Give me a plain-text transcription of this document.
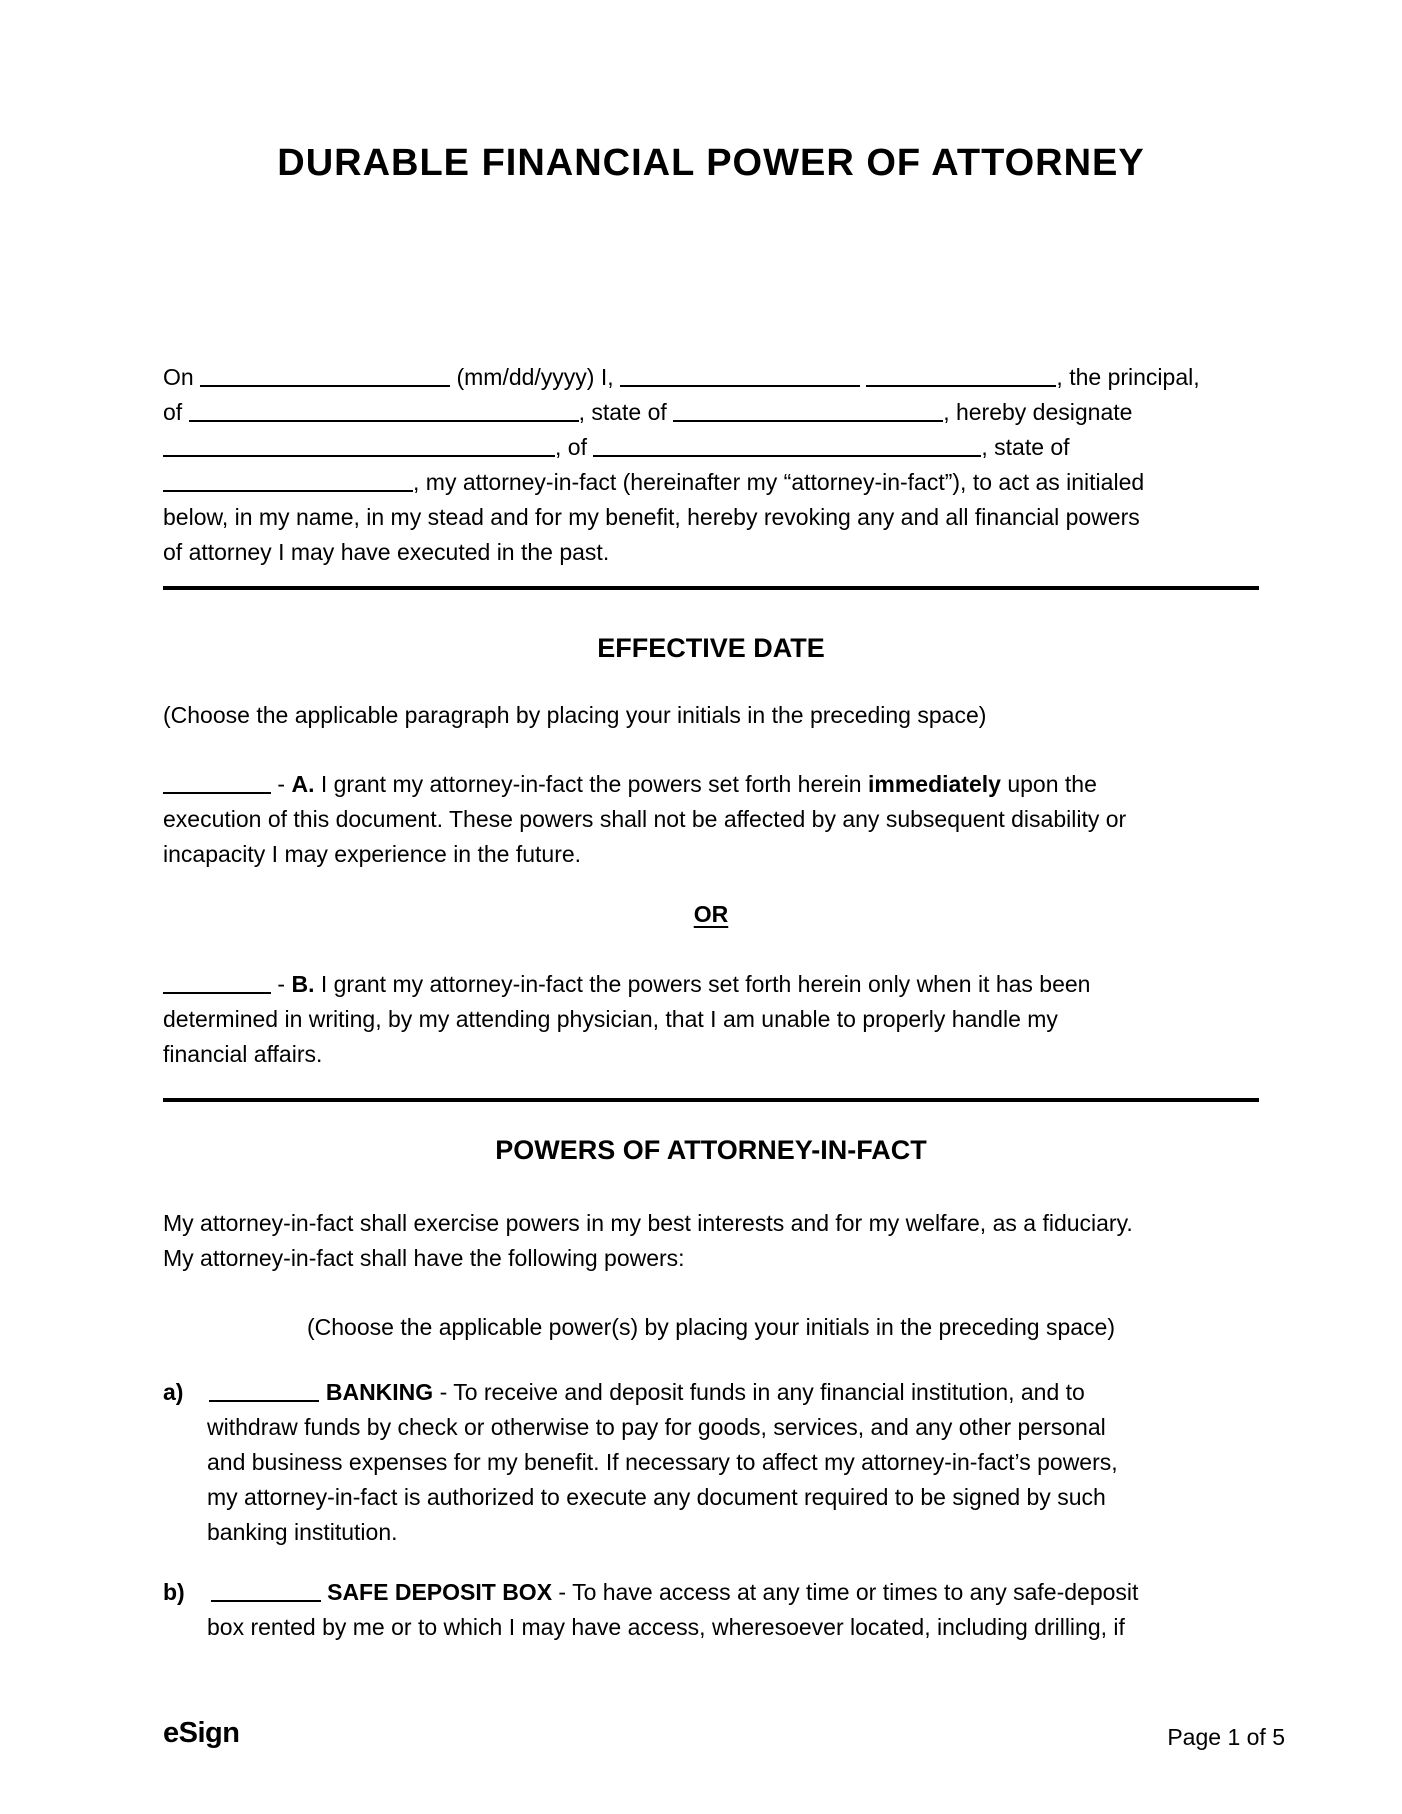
DURABLE FINANCIAL POWER OF ATTORNEY
On	(mm/dd/yyyy) I,	, the principal,
of	, state of	, hereby designate
, of	, state of
, my attorney-in-fact (hereinafter my “attorney-in-fact”), to act as initialed
below, in my name, in my stead and for my benefit, hereby revoking any and all financial powers
of attorney I may have executed in the past.
EFFECTIVE DATE
(Choose the applicable paragraph by placing your initials in the preceding space)
- A. I grant my attorney-in-fact the powers set forth herein immediately upon the
execution of this document. These powers shall not be affected by any subsequent disability or
incapacity I may experience in the future.
OR
- B. I grant my attorney-in-fact the powers set forth herein only when it has been
determined in writing, by my attending physician, that I am unable to properly handle my
financial affairs.
POWERS OF ATTORNEY-IN-FACT
My attorney-in-fact shall exercise powers in my best interests and for my welfare, as a fiduciary.
My attorney-in-fact shall have the following powers:
(Choose the applicable power(s) by placing your initials in the preceding space)
a)	BANKING - To receive and deposit funds in any financial institution, and to
withdraw funds by check or otherwise to pay for goods, services, and any other personal
and business expenses for my benefit. If necessary to affect my attorney-in-fact’s powers,
my attorney-in-fact is authorized to execute any document required to be signed by such
banking institution.
b)	SAFE DEPOSIT BOX - To have access at any time or times to any safe-deposit
box rented by me or to which I may have access, wheresoever located, including drilling, if
eSign	Page 1 of 5
